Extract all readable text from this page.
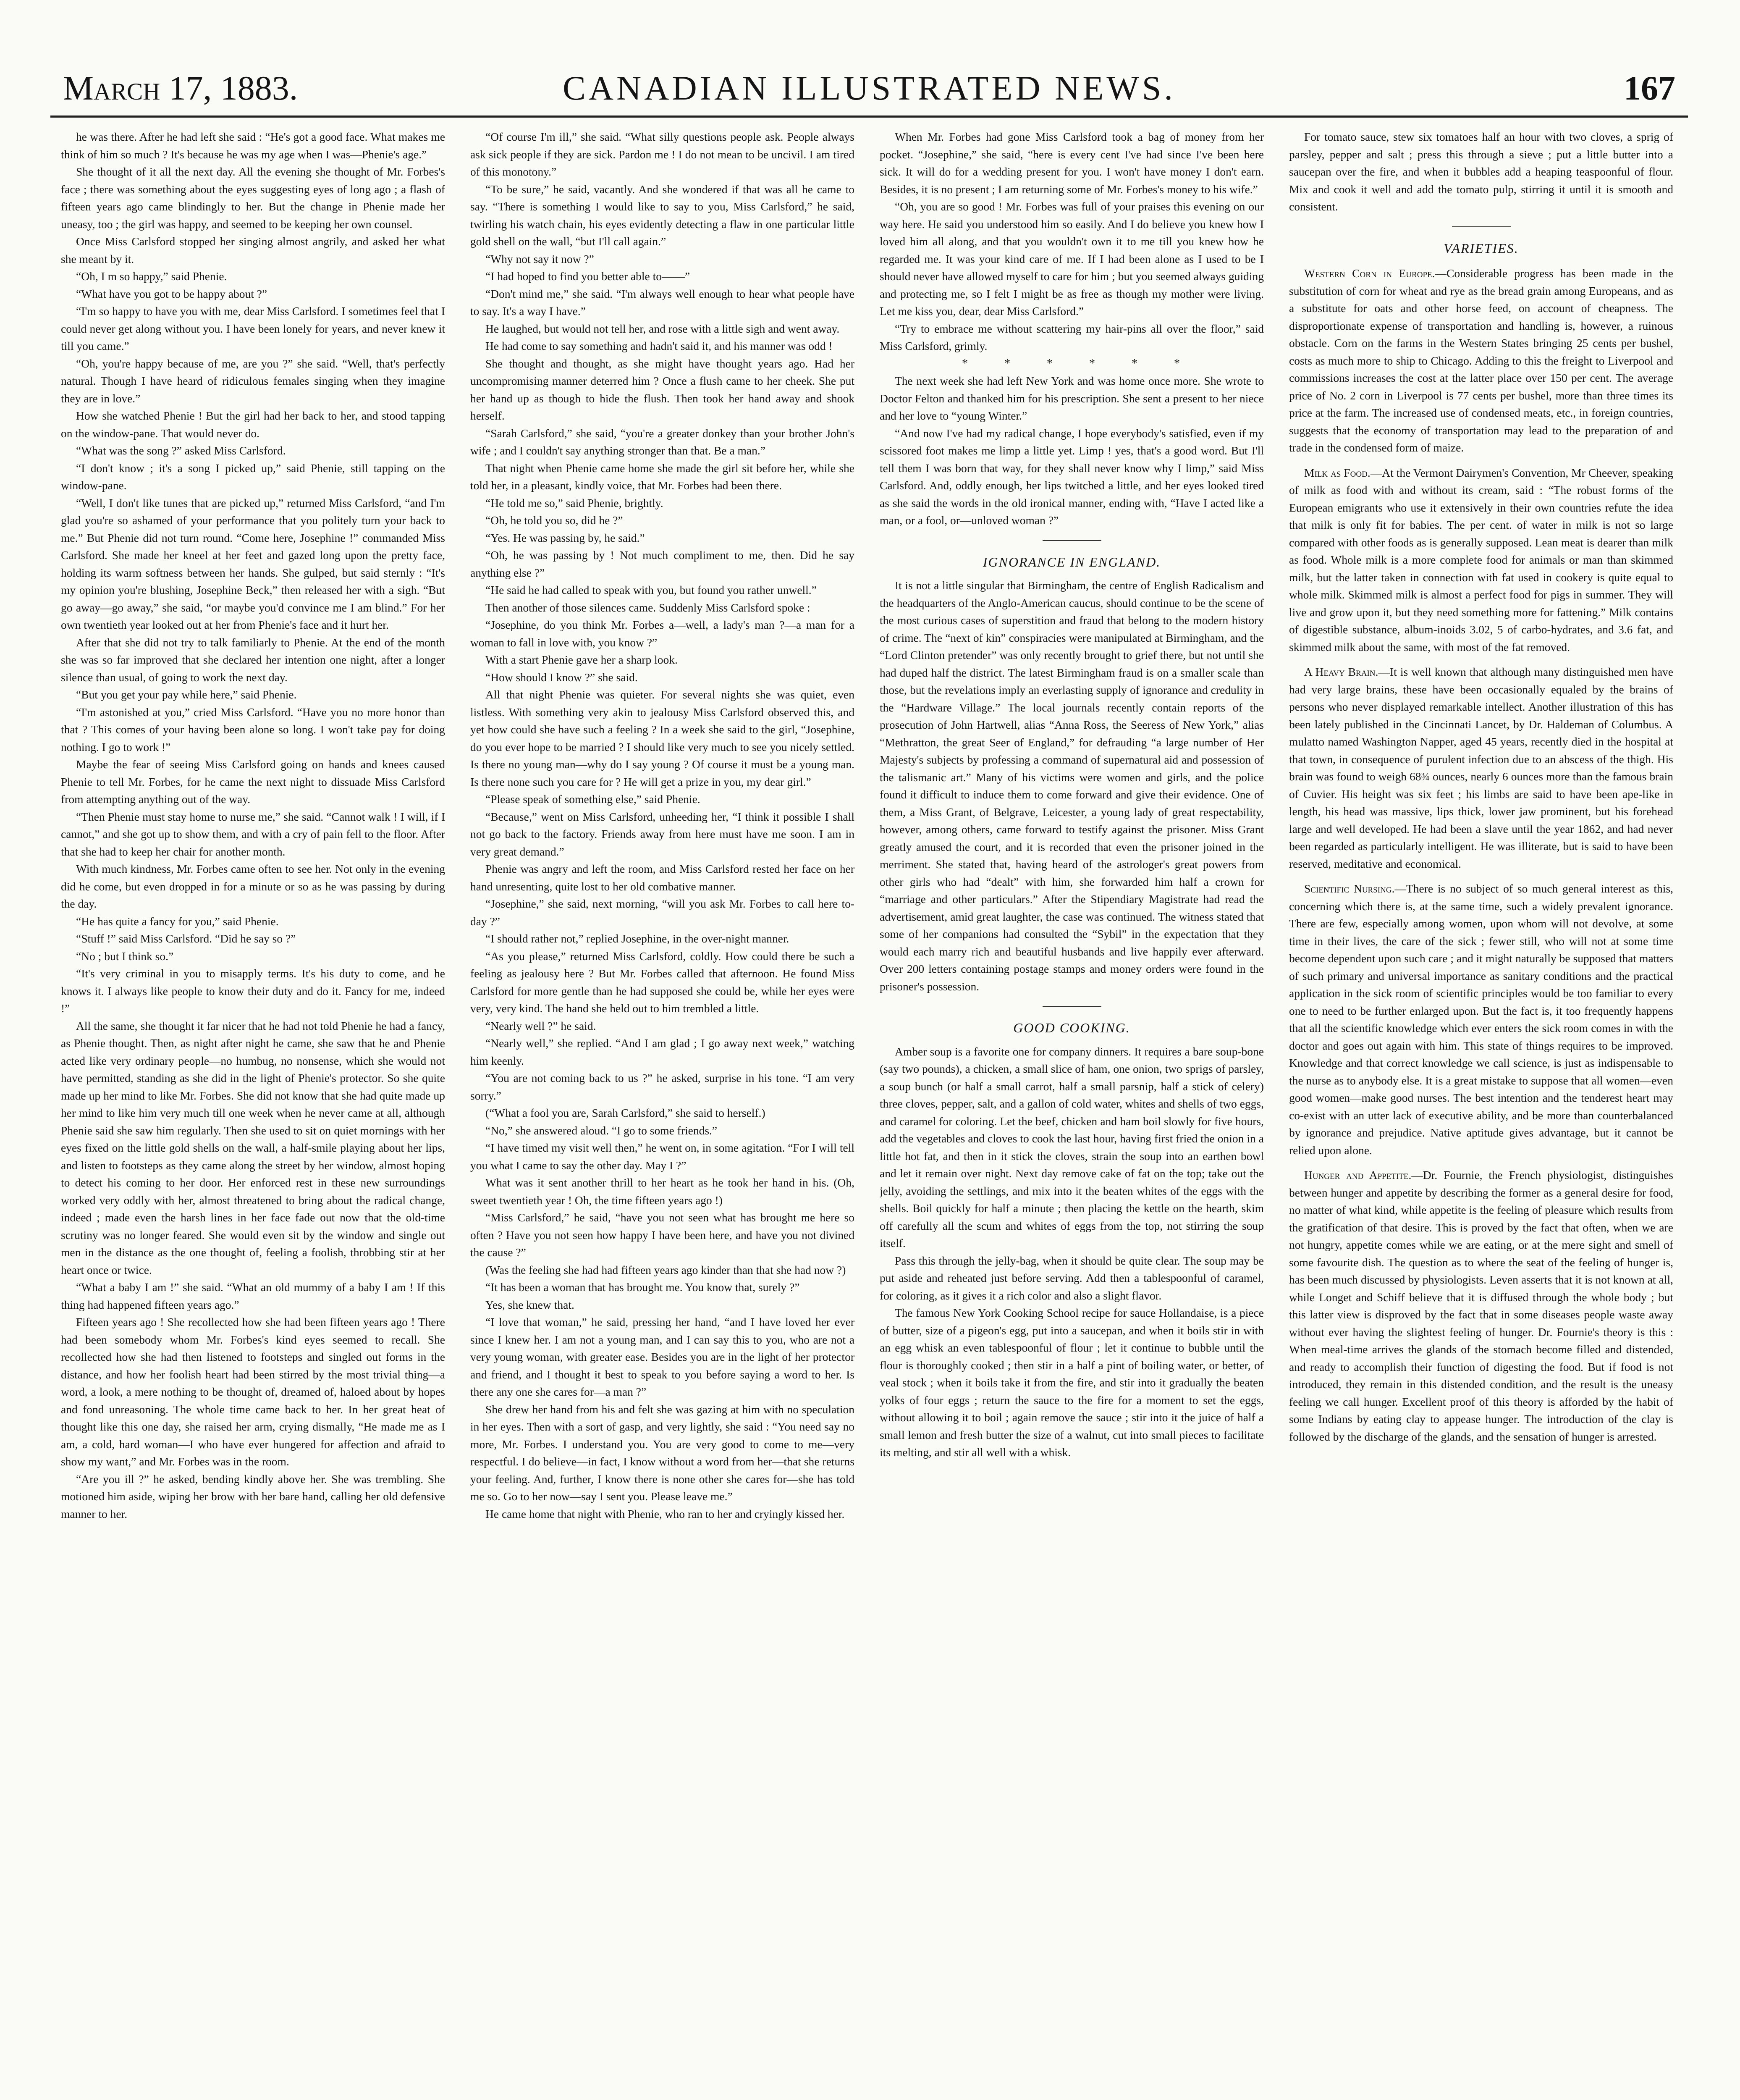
March 17, 1883.	CANADIAN ILLUSTRATED NEWS.	167

he was there. After he had left she said : “He's got a good face. What makes me think of him so much ? It's because he was my age when I was—Phenie's age.”

She thought of it all the next day. All the evening she thought of Mr. Forbes's face ; there was something about the eyes suggesting eyes of long ago ; a flash of fifteen years ago came blindingly to her. But the change in Phenie made her uneasy, too ; the girl was happy, and seemed to be keeping her own counsel.

Once Miss Carlsford stopped her singing almost angrily, and asked her what she meant by it.

“Oh, I m so happy,” said Phenie.

“What have you got to be happy about ?”

“I'm so happy to have you with me, dear Miss Carlsford. I sometimes feel that I could never get along without you. I have been lonely for years, and never knew it till you came.”

“Oh, you're happy because of me, are you ?” she said. “Well, that's perfectly natural. Though I have heard of ridiculous females singing when they imagine they are in love.”

How she watched Phenie ! But the girl had her back to her, and stood tapping on the window-pane. That would never do.

“What was the song ?” asked Miss Carlsford.

“I don't know ; it's a song I picked up,” said Phenie, still tapping on the window-pane.

“Well, I don't like tunes that are picked up,” returned Miss Carlsford, “and I'm glad you're so ashamed of your performance that you politely turn your back to me.” But Phenie did not turn round. “Come here, Josephine !” commanded Miss Carlsford. She made her kneel at her feet and gazed long upon the pretty face, holding its warm softness between her hands. She gulped, but said sternly : “It's my opinion you're blushing, Josephine Beck,” then released her with a sigh. “But go away—go away,” she said, “or maybe you'd convince me I am blind.” For her own twentieth year looked out at her from Phenie's face and it hurt her.

After that she did not try to talk familiarly to Phenie. At the end of the month she was so far improved that she declared her intention one night, after a longer silence than usual, of going to work the next day.

“But you get your pay while here,” said Phenie.

“I'm astonished at you,” cried Miss Carlsford. “Have you no more honor than that ? This comes of your having been alone so long. I won't take pay for doing nothing. I go to work !”

Maybe the fear of seeing Miss Carlsford going on hands and knees caused Phenie to tell Mr. Forbes, for he came the next night to dissuade Miss Carlsford from attempting anything out of the way.

“Then Phenie must stay home to nurse me,” she said. “Cannot walk ! I will, if I cannot,” and she got up to show them, and with a cry of pain fell to the floor. After that she had to keep her chair for another month.

With much kindness, Mr. Forbes came often to see her. Not only in the evening did he come, but even dropped in for a minute or so as he was passing by during the day.

“He has quite a fancy for you,” said Phenie.

“Stuff !” said Miss Carlsford. “Did he say so ?”

“No ; but I think so.”

“It's very criminal in you to misapply terms. It's his duty to come, and he knows it. I always like people to know their duty and do it. Fancy for me, indeed !”

All the same, she thought it far nicer that he had not told Phenie he had a fancy, as Phenie thought. Then, as night after night he came, she saw that he and Phenie acted like very ordinary people—no humbug, no nonsense, which she would not have permitted, standing as she did in the light of Phenie's protector. So she quite made up her mind to like Mr. Forbes. She did not know that she had quite made up her mind to like him very much till one week when he never came at all, although Phenie said she saw him regularly. Then she used to sit on quiet mornings with her eyes fixed on the little gold shells on the wall, a half-smile playing about her lips, and listen to footsteps as they came along the street by her window, almost hoping to detect his coming to her door. Her enforced rest in these new surroundings worked very oddly with her, almost threatened to bring about the radical change, indeed ; made even the harsh lines in her face fade out now that the old-time scrutiny was no longer feared. She would even sit by the window and single out men in the distance as the one thought of, feeling a foolish, throbbing stir at her heart once or twice.

“What a baby I am !” she said. “What an old mummy of a baby I am ! If this thing had happened fifteen years ago.”

Fifteen years ago ! She recollected how she had been fifteen years ago ! There had been somebody whom Mr. Forbes's kind eyes seemed to recall. She recollected how she had then listened to footsteps and singled out forms in the distance, and how her foolish heart had been stirred by the most trivial thing—a word, a look, a mere nothing to be thought of, dreamed of, haloed about by hopes and fond unreasoning. The whole time came back to her. In her great heat of thought like this one day, she raised her arm, crying dismally, “He made me as I am, a cold, hard woman—I who have ever hungered for affection and afraid to show my want,” and Mr. Forbes was in the room.

“Are you ill ?” he asked, bending kindly above her. She was trembling. She motioned him aside, wiping her brow with her bare hand, calling her old defensive manner to her.

“Of course I'm ill,” she said. “What silly questions people ask. People always ask sick people if they are sick. Pardon me ! I do not mean to be uncivil. I am tired of this monotony.”

“To be sure,” he said, vacantly. And she wondered if that was all he came to say. “There is something I would like to say to you, Miss Carlsford,” he said, twirling his watch chain, his eyes evidently detecting a flaw in one particular little gold shell on the wall, “but I'll call again.”

“Why not say it now ?”

“I had hoped to find you better able to——”

“Don't mind me,” she said. “I'm always well enough to hear what people have to say. It's a way I have.”

He laughed, but would not tell her, and rose with a little sigh and went away.

He had come to say something and hadn't said it, and his manner was odd !

She thought and thought, as she might have thought years ago. Had her uncompromising manner deterred him ? Once a flush came to her cheek. She put her hand up as though to hide the flush. Then took her hand away and shook herself.

“Sarah Carlsford,” she said, “you're a greater donkey than your brother John's wife ; and I couldn't say anything stronger than that. Be a man.”

That night when Phenie came home she made the girl sit before her, while she told her, in a pleasant, kindly voice, that Mr. Forbes had been there.

“He told me so,” said Phenie, brightly.

“Oh, he told you so, did he ?”

“Yes. He was passing by, he said.”

“Oh, he was passing by ! Not much compliment to me, then. Did he say anything else ?”

“He said he had called to speak with you, but found you rather unwell.”

Then another of those silences came. Suddenly Miss Carlsford spoke :

“Josephine, do you think Mr. Forbes a—well, a lady's man ?—a man for a woman to fall in love with, you know ?”

With a start Phenie gave her a sharp look.

“How should I know ?” she said.

All that night Phenie was quieter. For several nights she was quiet, even listless. With something very akin to jealousy Miss Carlsford observed this, and yet how could she have such a feeling ? In a week she said to the girl, “Josephine, do you ever hope to be married ? I should like very much to see you nicely settled. Is there no young man—why do I say young ? Of course it must be a young man. Is there none such you care for ? He will get a prize in you, my dear girl.”

“Please speak of something else,” said Phenie.

“Because,” went on Miss Carlsford, unheeding her, “I think it possible I shall not go back to the factory. Friends away from here must have me soon. I am in very great demand.”

Phenie was angry and left the room, and Miss Carlsford rested her face on her hand unresenting, quite lost to her old combative manner.

“Josephine,” she said, next morning, “will you ask Mr. Forbes to call here to-day ?”

“I should rather not,” replied Josephine, in the over-night manner.

“As you please,” returned Miss Carlsford, coldly. How could there be such a feeling as jealousy here ? But Mr. Forbes called that afternoon. He found Miss Carlsford for more gentle than he had supposed she could be, while her eyes were very, very kind. The hand she held out to him trembled a little.

“Nearly well ?” he said.

“Nearly well,” she replied. “And I am glad ; I go away next week,” watching him keenly.

“You are not coming back to us ?” he asked, surprise in his tone. “I am very sorry.”

(“What a fool you are, Sarah Carlsford,” she said to herself.)

“No,” she answered aloud. “I go to some friends.”

“I have timed my visit well then,” he went on, in some agitation. “For I will tell you what I came to say the other day. May I ?”

What was it sent another thrill to her heart as he took her hand in his. (Oh, sweet twentieth year ! Oh, the time fifteen years ago !)

“Miss Carlsford,” he said, “have you not seen what has brought me here so often ? Have you not seen how happy I have been here, and have you not divined the cause ?”

(Was the feeling she had had fifteen years ago kinder than that she had now ?)

“It has been a woman that has brought me. You know that, surely ?”

Yes, she knew that.

“I love that woman,” he said, pressing her hand, “and I have loved her ever since I knew her. I am not a young man, and I can say this to you, who are not a very young woman, with greater ease. Besides you are in the light of her protector and friend, and I thought it best to speak to you before saying a word to her. Is there any one she cares for—a man ?”

She drew her hand from his and felt she was gazing at him with no speculation in her eyes. Then with a sort of gasp, and very lightly, she said : “You need say no more, Mr. Forbes. I understand you. You are very good to come to me—very respectful. I do believe—in fact, I know without a word from her—that she returns your feeling. And, further, I know there is none other she cares for—she has told me so. Go to her now—say I sent you. Please leave me.”

He came home that night with Phenie, who ran to her and cryingly kissed her.

When Mr. Forbes had gone Miss Carlsford took a bag of money from her pocket. “Josephine,” she said, “here is every cent I've had since I've been here sick. It will do for a wedding present for you. I won't have money I don't earn. Besides, it is no present ; I am returning some of Mr. Forbes's money to his wife.”

“Oh, you are so good ! Mr. Forbes was full of your praises this evening on our way here. He said you understood him so easily. And I do believe you knew how I loved him all along, and that you wouldn't own it to me till you knew how he regarded me. It was your kind care of me. If I had been alone as I used to be I should never have allowed myself to care for him ; but you seemed always guiding and protecting me, so I felt I might be as free as though my mother were living. Let me kiss you, dear, dear Miss Carlsford.”

“Try to embrace me without scattering my hair-pins all over the floor,” said Miss Carlsford, grimly.

* * * * * *

The next week she had left New York and was home once more. She wrote to Doctor Felton and thanked him for his prescription. She sent a present to her niece and her love to “young Winter.”

“And now I've had my radical change, I hope everybody's satisfied, even if my scissored foot makes me limp a little yet. Limp ! yes, that's a good word. But I'll tell them I was born that way, for they shall never know why I limp,” said Miss Carlsford. And, oddly enough, her lips twitched a little, and her eyes looked tired as she said the words in the old ironical manner, ending with, “Have I acted like a man, or a fool, or—unloved woman ?”

IGNORANCE IN ENGLAND.

It is not a little singular that Birmingham, the centre of English Radicalism and the headquarters of the Anglo-American caucus, should continue to be the scene of the most curious cases of superstition and fraud that belong to the modern history of crime. The “next of kin” conspiracies were manipulated at Birmingham, and the “Lord Clinton pretender” was only recently brought to grief there, but not until she had duped half the district. The latest Birmingham fraud is on a smaller scale than those, but the revelations imply an everlasting supply of ignorance and credulity in the “Hardware Village.” The local journals recently contain reports of the prosecution of John Hartwell, alias “Anna Ross, the Seeress of New York,” alias “Methratton, the great Seer of England,” for defrauding “a large number of Her Majesty's subjects by professing a command of supernatural aid and possession of the talismanic art.” Many of his victims were women and girls, and the police found it difficult to induce them to come forward and give their evidence. One of them, a Miss Grant, of Belgrave, Leicester, a young lady of great respectability, however, among others, came forward to testify against the prisoner. Miss Grant greatly amused the court, and it is recorded that even the prisoner joined in the merriment. She stated that, having heard of the astrologer's great powers from other girls who had “dealt” with him, she forwarded him half a crown for “marriage and other particulars.” After the Stipendiary Magistrate had read the advertisement, amid great laughter, the case was continued. The witness stated that some of her companions had consulted the “Sybil” in the expectation that they would each marry rich and beautiful husbands and live happily ever afterward. Over 200 letters containing postage stamps and money orders were found in the prisoner's possession.

GOOD COOKING.

Amber soup is a favorite one for company dinners. It requires a bare soup-bone (say two pounds), a chicken, a small slice of ham, one onion, two sprigs of parsley, a soup bunch (or half a small carrot, half a small parsnip, half a stick of celery) three cloves, pepper, salt, and a gallon of cold water, whites and shells of two eggs, and caramel for coloring. Let the beef, chicken and ham boil slowly for five hours, add the vegetables and cloves to cook the last hour, having first fried the onion in a little hot fat, and then in it stick the cloves, strain the soup into an earthen bowl and let it remain over night. Next day remove cake of fat on the top; take out the jelly, avoiding the settlings, and mix into it the beaten whites of the eggs with the shells. Boil quickly for half a minute ; then placing the kettle on the hearth, skim off carefully all the scum and whites of eggs from the top, not stirring the soup itself.

Pass this through the jelly-bag, when it should be quite clear. The soup may be put aside and reheated just before serving. Add then a tablespoonful of caramel, for coloring, as it gives it a rich color and also a slight flavor.

The famous New York Cooking School recipe for sauce Hollandaise, is a piece of butter, size of a pigeon's egg, put into a saucepan, and when it boils stir in with an egg whisk an even tablespoonful of flour ; let it continue to bubble until the flour is thoroughly cooked ; then stir in a half a pint of boiling water, or better, of veal stock ; when it boils take it from the fire, and stir into it gradually the beaten yolks of four eggs ; return the sauce to the fire for a moment to set the eggs, without allowing it to boil ; again remove the sauce ; stir into it the juice of half a small lemon and fresh butter the size of a walnut, cut into small pieces to facilitate its melting, and stir all well with a whisk.

For tomato sauce, stew six tomatoes half an hour with two cloves, a sprig of parsley, pepper and salt ; press this through a sieve ; put a little butter into a saucepan over the fire, and when it bubbles add a heaping teaspoonful of flour. Mix and cook it well and add the tomato pulp, stirring it until it is smooth and consistent.

VARIETIES.

Western Corn in Europe.—Considerable progress has been made in the substitution of corn for wheat and rye as the bread grain among Europeans, and as a substitute for oats and other horse feed, on account of cheapness. The disproportionate expense of transportation and handling is, however, a ruinous obstacle. Corn on the farms in the Western States bringing 25 cents per bushel, costs as much more to ship to Chicago. Adding to this the freight to Liverpool and commissions increases the cost at the latter place over 150 per cent. The average price of No. 2 corn in Liverpool is 77 cents per bushel, more than three times its price at the farm. The increased use of condensed meats, etc., in foreign countries, suggests that the economy of transportation may lead to the preparation of and trade in the condensed form of maize.

Milk as Food.—At the Vermont Dairymen's Convention, Mr Cheever, speaking of milk as food with and without its cream, said : “The robust forms of the European emigrants who use it extensively in their own countries refute the idea that milk is only fit for babies. The per cent. of water in milk is not so large compared with other foods as is generally supposed. Lean meat is dearer than milk as food. Whole milk is a more complete food for animals or man than skimmed milk, but the latter taken in connection with fat used in cookery is quite equal to whole milk. Skimmed milk is almost a perfect food for pigs in summer. They will live and grow upon it, but they need something more for fattening.” Milk contains of digestible substance, album-inoids 3.02, 5 of carbo-hydrates, and 3.6 fat, and skimmed milk about the same, with most of the fat removed.

A Heavy Brain.—It is well known that although many distinguished men have had very large brains, these have been occasionally equaled by the brains of persons who never displayed remarkable intellect. Another illustration of this has been lately published in the Cincinnati Lancet, by Dr. Haldeman of Columbus. A mulatto named Washington Napper, aged 45 years, recently died in the hospital at that town, in consequence of purulent infection due to an abscess of the thigh. His brain was found to weigh 68¾ ounces, nearly 6 ounces more than the famous brain of Cuvier. His height was six feet ; his limbs are said to have been ape-like in length, his head was massive, lips thick, lower jaw prominent, but his forehead large and well developed. He had been a slave until the year 1862, and had never been regarded as particularly intelligent. He was illiterate, but is said to have been reserved, meditative and economical.

Scientific Nursing.—There is no subject of so much general interest as this, concerning which there is, at the same time, such a widely prevalent ignorance. There are few, especially among women, upon whom will not devolve, at some time in their lives, the care of the sick ; fewer still, who will not at some time become dependent upon such care ; and it might naturally be supposed that matters of such primary and universal importance as sanitary conditions and the practical application in the sick room of scientific principles would be too familiar to every one to need to be further enlarged upon. But the fact is, it too frequently happens that all the scientific knowledge which ever enters the sick room comes in with the doctor and goes out again with him. This state of things requires to be improved. Knowledge and that correct knowledge we call science, is just as indispensable to the nurse as to anybody else. It is a great mistake to suppose that all women—even good women—make good nurses. The best intention and the tenderest heart may co-exist with an utter lack of executive ability, and be more than counterbalanced by ignorance and prejudice. Native aptitude gives advantage, but it cannot be relied upon alone.

Hunger and Appetite.—Dr. Fournie, the French physiologist, distinguishes between hunger and appetite by describing the former as a general desire for food, no matter of what kind, while appetite is the feeling of pleasure which results from the gratification of that desire. This is proved by the fact that often, when we are not hungry, appetite comes while we are eating, or at the mere sight and smell of some favourite dish. The question as to where the seat of the feeling of hunger is, has been much discussed by physiologists. Leven asserts that it is not known at all, while Longet and Schiff believe that it is diffused through the whole body ; but this latter view is disproved by the fact that in some diseases people waste away without ever having the slightest feeling of hunger. Dr. Fournie's theory is this : When meal-time arrives the glands of the stomach become filled and distended, and ready to accomplish their function of digesting the food. But if food is not introduced, they remain in this distended condition, and the result is the uneasy feeling we call hunger. Excellent proof of this theory is afforded by the habit of some Indians by eating clay to appease hunger. The introduction of the clay is followed by the discharge of the glands, and the sensation of hunger is arrested.
